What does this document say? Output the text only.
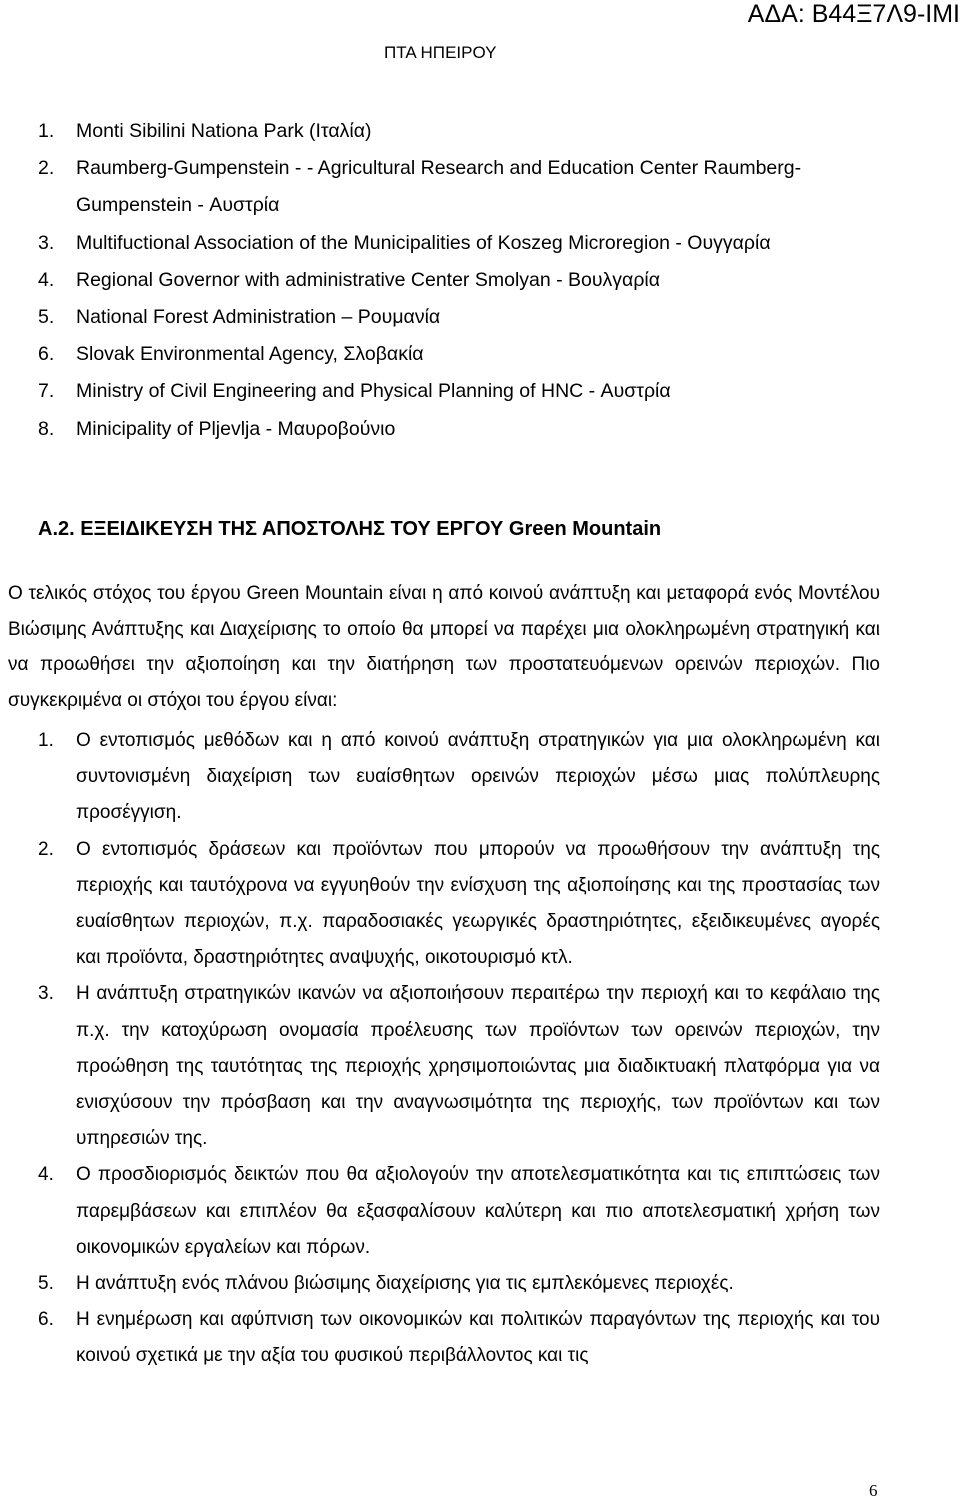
ΑΔΑ: Β44Ξ7Λ9-ΙΜΙ
ΠΤΑ ΗΠΕΙΡΟΥ
1.	Monti Sibilini Nationa Park (Ιταλία)
2.	Raumberg-Gumpenstein - - Agricultural Research and Education Center Raumberg-Gumpenstein - Αυστρία
3.	Multifuctional Association of the Municipalities of Koszeg Microregion - Ουγγαρία
4.	Regional Governor with administrative Center Smolyan - Βουλγαρία
5.	National Forest Administration – Ρουμανία
6.	Slovak Environmental Agency, Σλοβακία
7.	Ministry of Civil Engineering and Physical Planning of HNC - Αυστρία
8.	Minicipality of Pljevlja - Μαυροβούνιο
Α.2. ΕΞΕΙΔΙΚΕΥΣΗ ΤΗΣ ΑΠΟΣΤΟΛΗΣ ΤΟΥ ΕΡΓΟΥ Green Mountain

Ο τελικός στόχος του έργου Green Mountain είναι η από κοινού ανάπτυξη και μεταφορά ενός Μοντέλου Βιώσιμης Ανάπτυξης και Διαχείρισης το οποίο θα μπορεί να παρέχει μια ολοκληρωμένη στρατηγική και να προωθήσει την αξιοποίηση και την διατήρηση των προστατευόμενων ορεινών περιοχών. Πιο συγκεκριμένα οι στόχοι του έργου είναι:

1.	Ο εντοπισμός μεθόδων και η από κοινού ανάπτυξη στρατηγικών για μια ολοκληρωμένη και συντονισμένη διαχείριση των ευαίσθητων ορεινών περιοχών μέσω μιας πολύπλευρης προσέγγιση.
2.	Ο εντοπισμός δράσεων και προϊόντων που μπορούν να προωθήσουν την ανάπτυξη της περιοχής και ταυτόχρονα να εγγυηθούν την ενίσχυση της αξιοποίησης και της προστασίας των ευαίσθητων περιοχών, π.χ. παραδοσιακές γεωργικές δραστηριότητες, εξειδικευμένες αγορές και προϊόντα, δραστηριότητες αναψυχής, οικοτουρισμό κτλ.
3.	Η ανάπτυξη στρατηγικών ικανών να αξιοποιήσουν περαιτέρω την περιοχή και το κεφάλαιο της π.χ. την κατοχύρωση ονομασία προέλευσης των προϊόντων των ορεινών περιοχών, την προώθηση της ταυτότητας της περιοχής χρησιμοποιώντας μια διαδικτυακή πλατφόρμα για να ενισχύσουν την πρόσβαση και την αναγνωσιμότητα της περιοχής, των προϊόντων και των υπηρεσιών της.
4.	Ο προσδιορισμός δεικτών που θα αξιολογούν την αποτελεσματικότητα και τις επιπτώσεις των παρεμβάσεων και επιπλέον θα εξασφαλίσουν καλύτερη και πιο αποτελεσματική χρήση των οικονομικών εργαλείων και πόρων.
5.	Η ανάπτυξη ενός πλάνου βιώσιμης διαχείρισης για τις εμπλεκόμενες περιοχές.
6.	Η ενημέρωση και αφύπνιση των οικονομικών και πολιτικών παραγόντων της περιοχής και του κοινού σχετικά με την αξία του φυσικού περιβάλλοντος και τις
6
